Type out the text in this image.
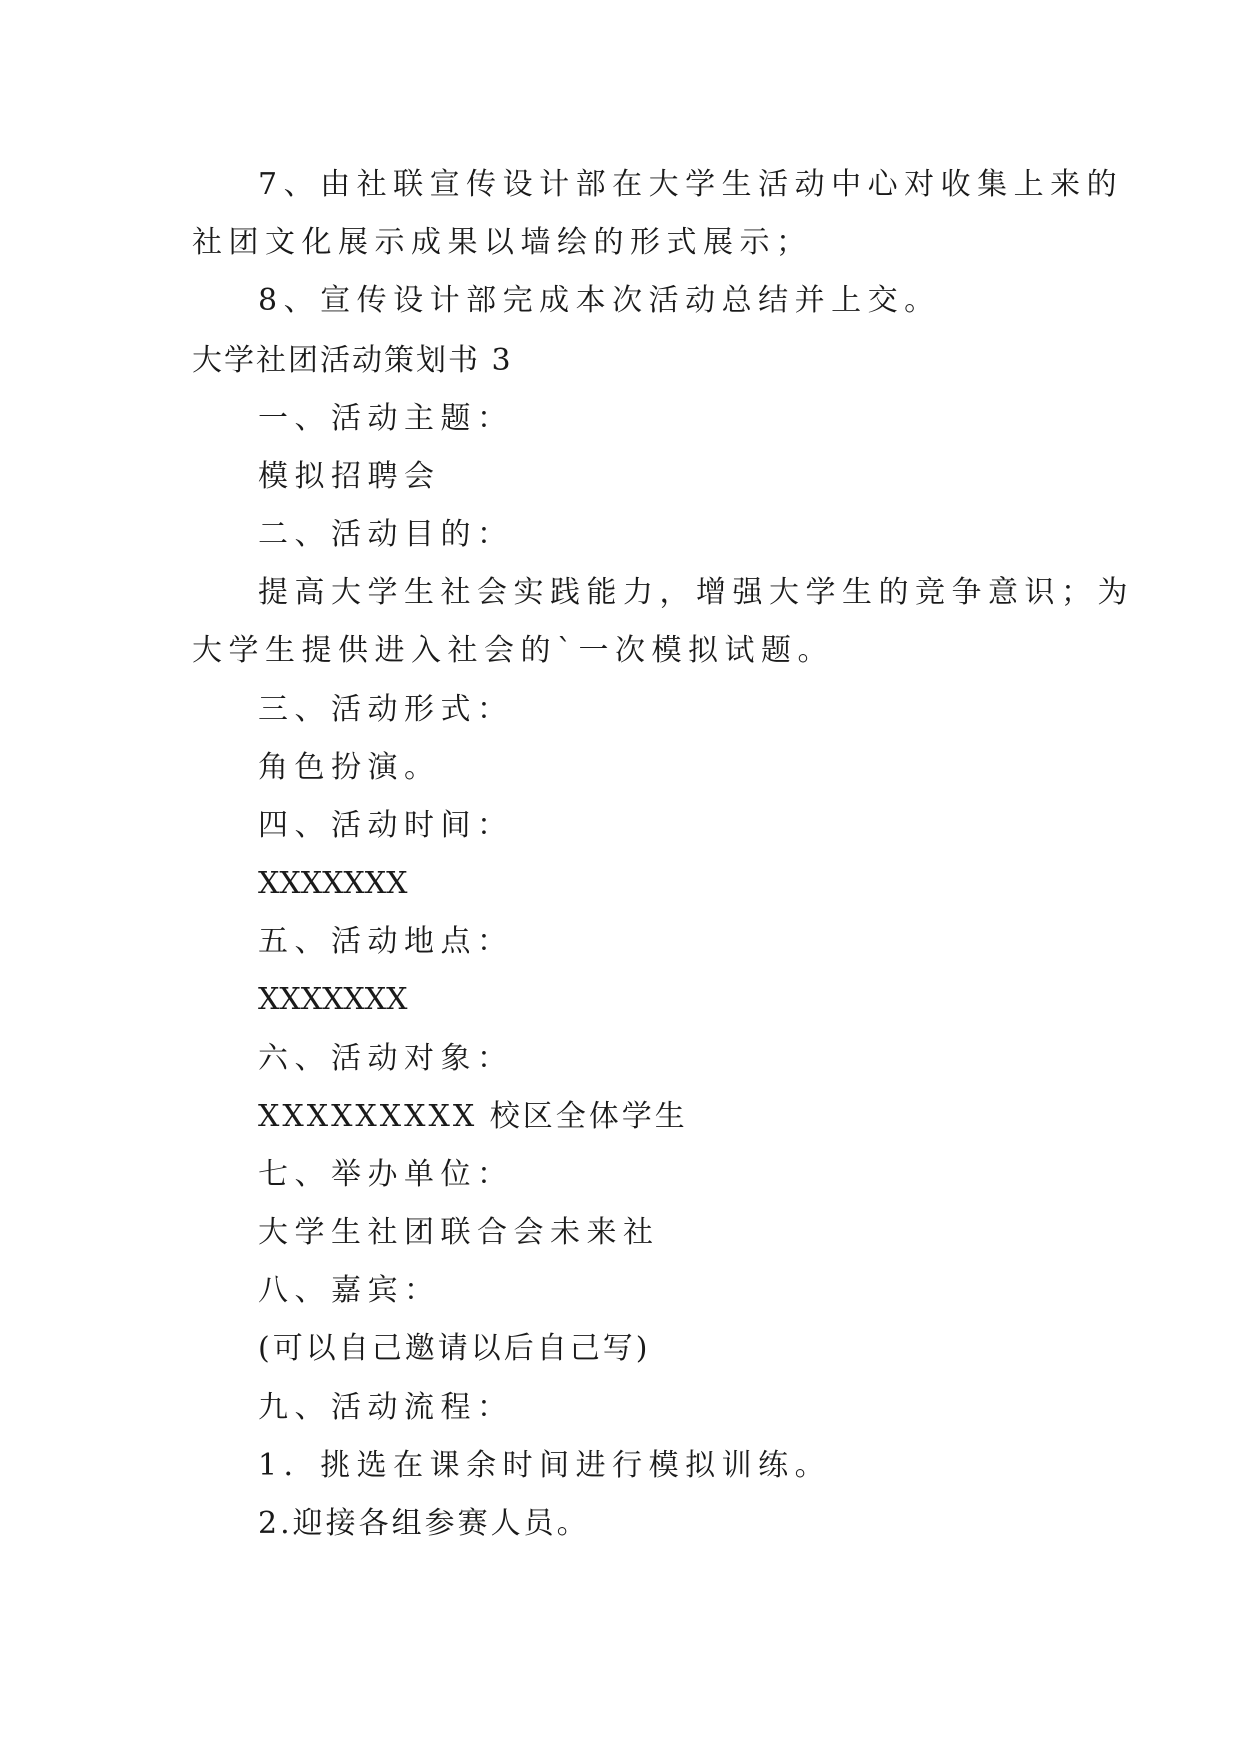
7、由社联宣传设计部在大学生活动中心对收集上来的
社团文化展示成果以墙绘的形式展示；
8、宣传设计部完成本次活动总结并上交。
大学社团活动策划书 3
一、活动主题：
模拟招聘会
二、活动目的：
提高大学生社会实践能力，增强大学生的竞争意识；为
大学生提供进入社会的`一次模拟试题。
三、活动形式：
角色扮演。
四、活动时间：
XXXXXXX
五、活动地点：
XXXXXXX
六、活动对象：
XXXXXXXXX 校区全体学生
七、举办单位：
大学生社团联合会未来社
八、嘉宾：
(可以自己邀请以后自己写)
九、活动流程：
1．挑选在课余时间进行模拟训练。
2.迎接各组参赛人员。
